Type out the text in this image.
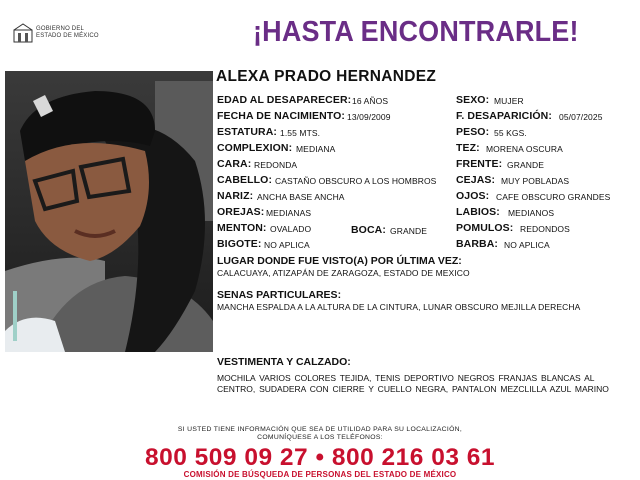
GOBIERNO DEL
ESTADO DE MÉXICO	¡HASTA ENCONTRARLE!
ALEXA PRADO HERNANDEZ
EDAD AL DESAPARECER: 16 AÑOS
FECHA DE NACIMIENTO: 13/09/2009
ESTATURA: 1.55 MTS.
COMPLEXION: MEDIANA
CARA: REDONDA
CABELLO: CASTAÑO OBSCURO A LOS HOMBROS
NARIZ: ANCHA BASE ANCHA
OREJAS: MEDIANAS
MENTON: OVALADO	BOCA: GRANDE
BIGOTE: NO APLICA
SEXO: MUJER
F. DESAPARICIÓN: 05/07/2025
PESO: 55 KGS.
TEZ: MORENA OSCURA
FRENTE: GRANDE
CEJAS: MUY POBLADAS
OJOS: CAFE OBSCURO GRANDES
LABIOS: MEDIANOS
POMULOS: REDONDOS
BARBA: NO APLICA
LUGAR DONDE FUE VISTO(A) POR ÚLTIMA VEZ:
CALACUAYA, ATIZAPÁN DE ZARAGOZA, ESTADO DE MEXICO
SENAS PARTICULARES:
MANCHA ESPALDA A LA ALTURA DE LA CINTURA, LUNAR OBSCURO MEJILLA DERECHA
VESTIMENTA Y CALZADO:
MOCHILA VARIOS COLORES TEJIDA, TENIS DEPORTIVO NEGROS FRANJAS BLANCAS AL CENTRO, SUDADERA CON CIERRE Y CUELLO NEGRA, PANTALON MEZCLILLA AZUL MARINO
SI USTED TIENE INFORMACIÓN QUE SEA DE UTILIDAD PARA SU LOCALIZACIÓN,
COMUNÍQUESE A LOS TELÉFONOS:
800 509 09 27 • 800 216 03 61
COMISIÓN DE BÚSQUEDA DE PERSONAS DEL ESTADO DE MÉXICO
